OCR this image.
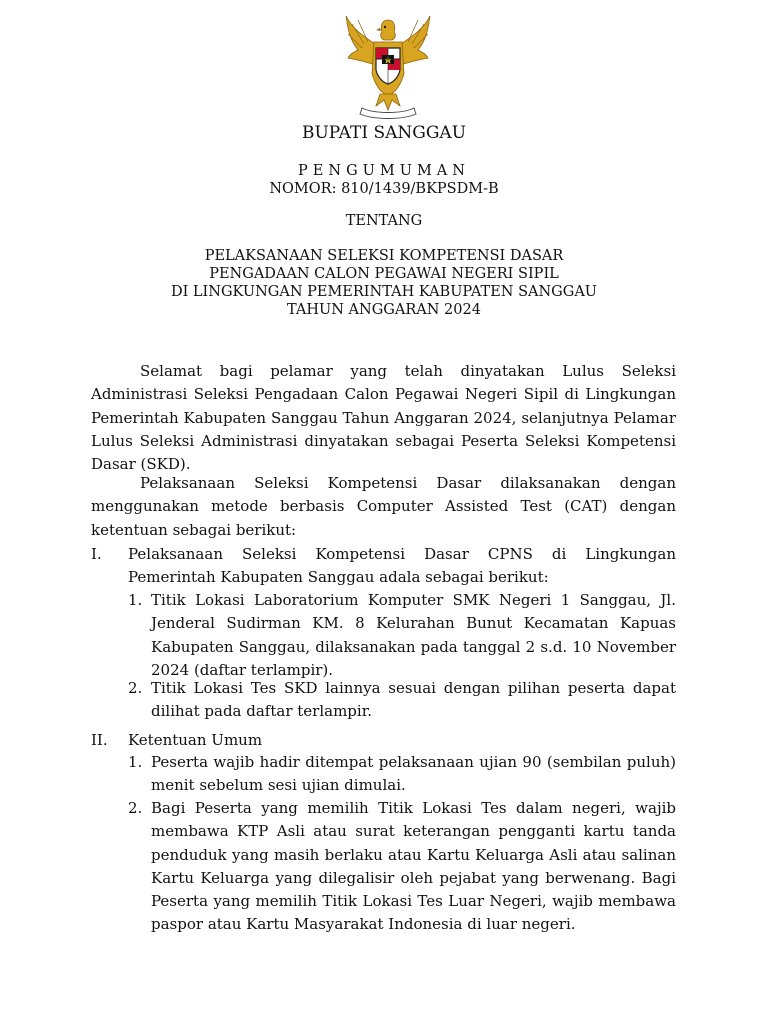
BUPATI SANGGAU
PENGUMUMAN
NOMOR: 810/1439/BKPSDM-B
TENTANG
PELAKSANAAN SELEKSI KOMPETENSI DASAR
PENGADAAN CALON PEGAWAI NEGERI SIPIL
DI LINGKUNGAN PEMERINTAH KABUPATEN SANGGAU
TAHUN ANGGARAN 2024

Selamat bagi pelamar yang telah dinyatakan Lulus Seleksi Administrasi Seleksi Pengadaan Calon Pegawai Negeri Sipil di Lingkungan Pemerintah Kabupaten Sanggau Tahun Anggaran 2024, selanjutnya Pelamar Lulus Seleksi Administrasi dinyatakan sebagai Peserta Seleksi Kompetensi Dasar (SKD).

Pelaksanaan Seleksi Kompetensi Dasar dilaksanakan dengan menggunakan metode berbasis Computer Assisted Test (CAT) dengan ketentuan sebagai berikut:

I. Pelaksanaan Seleksi Kompetensi Dasar CPNS di Lingkungan Pemerintah Kabupaten Sanggau adala sebagai berikut:

1. Titik Lokasi Laboratorium Komputer SMK Negeri 1 Sanggau, Jl. Jenderal Sudirman KM. 8 Kelurahan Bunut Kecamatan Kapuas Kabupaten Sanggau, dilaksanakan pada tanggal 2 s.d. 10 November 2024 (daftar terlampir).

2. Titik Lokasi Tes SKD lainnya sesuai dengan pilihan peserta dapat dilihat pada daftar terlampir.

II. Ketentuan Umum

1. Peserta wajib hadir ditempat pelaksanaan ujian 90 (sembilan puluh) menit sebelum sesi ujian dimulai.

2. Bagi Peserta yang memilih Titik Lokasi Tes dalam negeri, wajib membawa KTP Asli atau surat keterangan pengganti kartu tanda penduduk yang masih berlaku atau Kartu Keluarga Asli atau salinan Kartu Keluarga yang dilegalisir oleh pejabat yang berwenang. Bagi Peserta yang memilih Titik Lokasi Tes Luar Negeri, wajib membawa paspor atau Kartu Masyarakat Indonesia di luar negeri.
